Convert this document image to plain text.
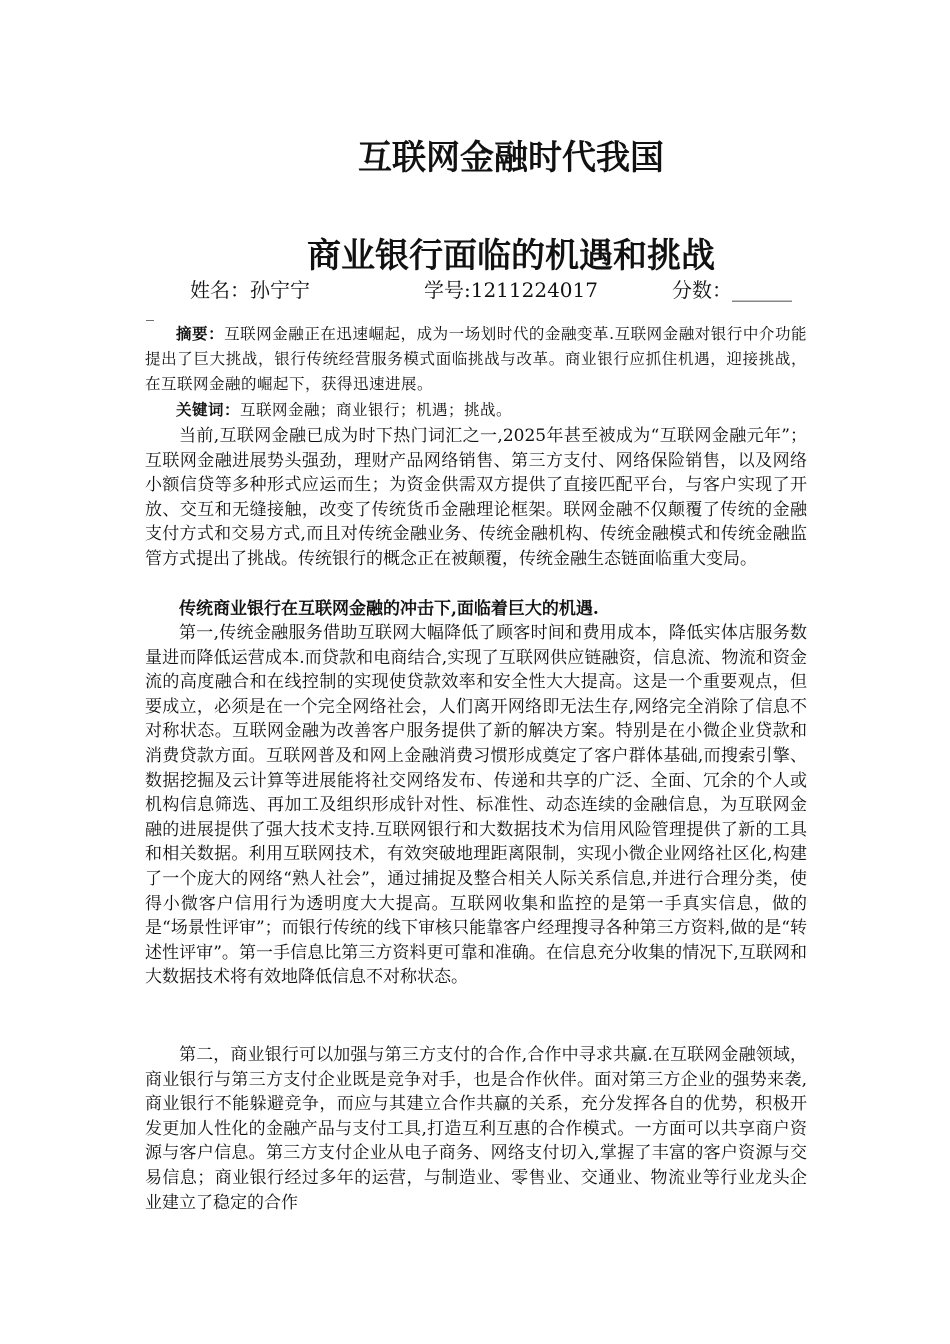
互联网金融时代我国
商业银行面临的机遇和挑战
姓名：孙宁宁	学号:1211224017	分数：______
_

摘要：互联网金融正在迅速崛起，成为一场划时代的金融变革.互联网金融对银行中介功能提出了巨大挑战，银行传统经营服务模式面临挑战与改革。商业银行应抓住机遇，迎接挑战，在互联网金融的崛起下，获得迅速进展。

关键词：互联网金融；商业银行；机遇；挑战。

当前,互联网金融已成为时下热门词汇之一,2025年甚至被成为“互联网金融元年”；互联网金融进展势头强劲，理财产品网络销售、第三方支付、网络保险销售，以及网络小额信贷等多种形式应运而生；为资金供需双方提供了直接匹配平台，与客户实现了开放、交互和无缝接触，改变了传统货币金融理论框架。联网金融不仅颠覆了传统的金融支付方式和交易方式,而且对传统金融业务、传统金融机构、传统金融模式和传统金融监管方式提出了挑战。传统银行的概念正在被颠覆，传统金融生态链面临重大变局。

传统商业银行在互联网金融的冲击下,面临着巨大的机遇.

第一,传统金融服务借助互联网大幅降低了顾客时间和费用成本，降低实体店服务数量进而降低运营成本.而贷款和电商结合,实现了互联网供应链融资，信息流、物流和资金流的高度融合和在线控制的实现使贷款效率和安全性大大提高。这是一个重要观点，但要成立，必须是在一个完全网络社会，人们离开网络即无法生存,网络完全消除了信息不对称状态。互联网金融为改善客户服务提供了新的解决方案。特别是在小微企业贷款和消费贷款方面。互联网普及和网上金融消费习惯形成奠定了客户群体基础,而搜索引擎、数据挖掘及云计算等进展能将社交网络发布、传递和共享的广泛、全面、冗余的个人或机构信息筛选、再加工及组织形成针对性、标准性、动态连续的金融信息，为互联网金融的进展提供了强大技术支持.互联网银行和大数据技术为信用风险管理提供了新的工具和相关数据。利用互联网技术，有效突破地理距离限制，实现小微企业网络社区化,构建了一个庞大的网络“熟人社会”，通过捕捉及整合相关人际关系信息,并进行合理分类，使得小微客户信用行为透明度大大提高。互联网收集和监控的是第一手真实信息，做的是“场景性评审”；而银行传统的线下审核只能靠客户经理搜寻各种第三方资料,做的是“转述性评审”。第一手信息比第三方资料更可靠和准确。在信息充分收集的情况下,互联网和大数据技术将有效地降低信息不对称状态。

第二，商业银行可以加强与第三方支付的合作,合作中寻求共赢.在互联网金融领域，商业银行与第三方支付企业既是竞争对手，也是合作伙伴。面对第三方企业的强势来袭,商业银行不能躲避竞争，而应与其建立合作共赢的关系，充分发挥各自的优势，积极开发更加人性化的金融产品与支付工具,打造互利互惠的合作模式。一方面可以共享商户资源与客户信息。第三方支付企业从电子商务、网络支付切入,掌握了丰富的客户资源与交易信息；商业银行经过多年的运营，与制造业、零售业、交通业、物流业等行业龙头企业建立了稳定的合作
